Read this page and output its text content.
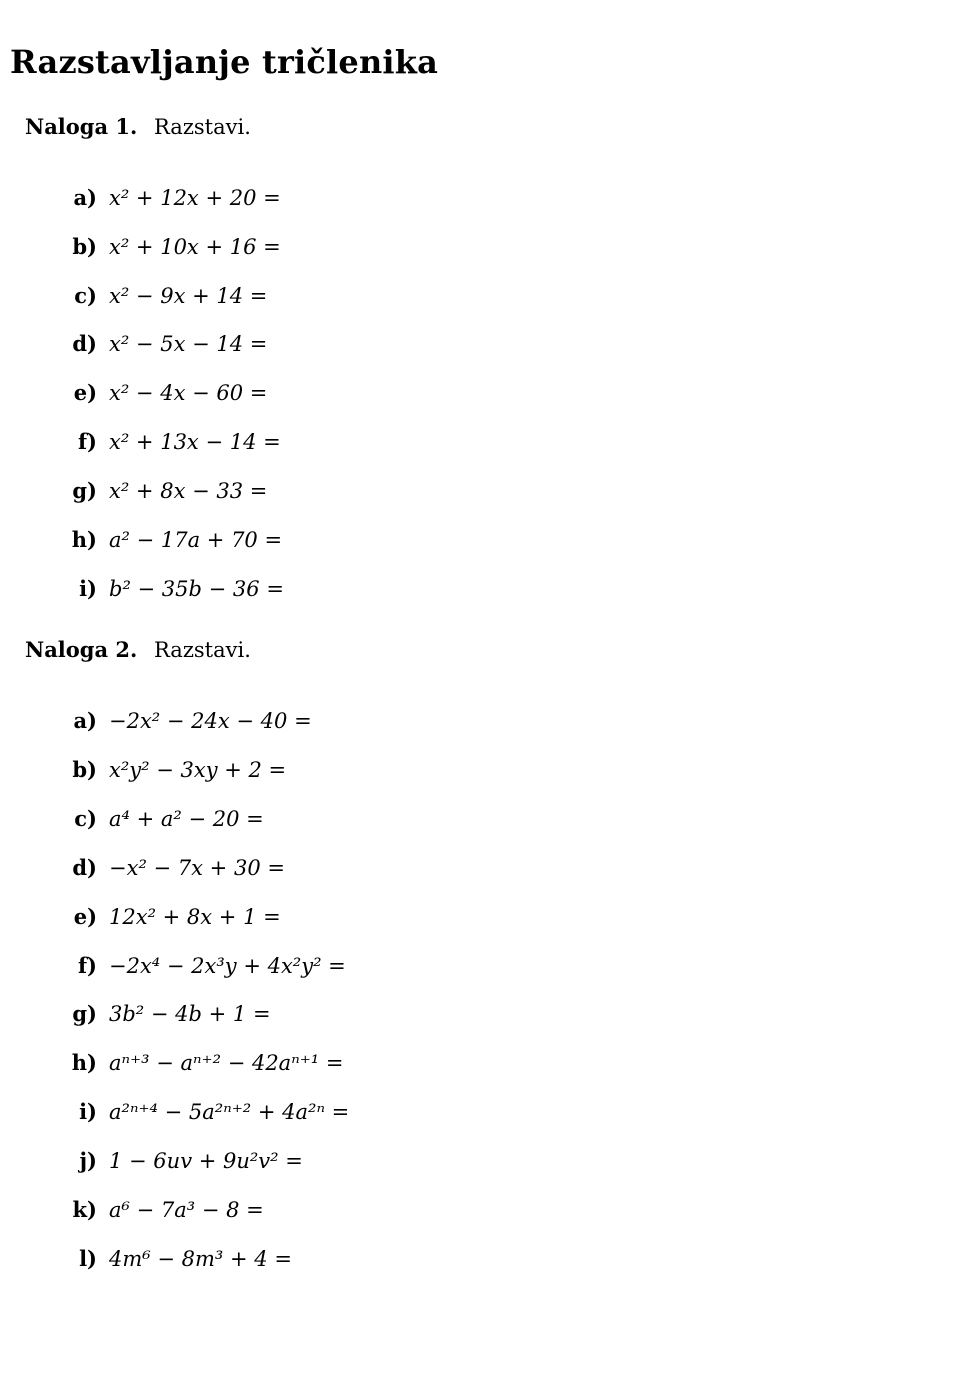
Razstavljanje tričlenika
Naloga 1. Razstavi.
a) x² + 12x + 20 =
b) x² + 10x + 16 =
c) x² − 9x + 14 =
d) x² − 5x − 14 =
e) x² − 4x − 60 =
f) x² + 13x − 14 =
g) x² + 8x − 33 =
h) a² − 17a + 70 =
i) b² − 35b − 36 =
Naloga 2. Razstavi.
a) −2x² − 24x − 40 =
b) x²y² − 3xy + 2 =
c) a⁴ + a² − 20 =
d) −x² − 7x + 30 =
e) 12x² + 8x + 1 =
f) −2x⁴ − 2x³y + 4x²y² =
g) 3b² − 4b + 1 =
h) aⁿ⁺³ − aⁿ⁺² − 42aⁿ⁺¹ =
i) a²ⁿ⁺⁴ − 5a²ⁿ⁺² + 4a²ⁿ =
j) 1 − 6uv + 9u²v² =
k) a⁶ − 7a³ − 8 =
l) 4m⁶ − 8m³ + 4 =
